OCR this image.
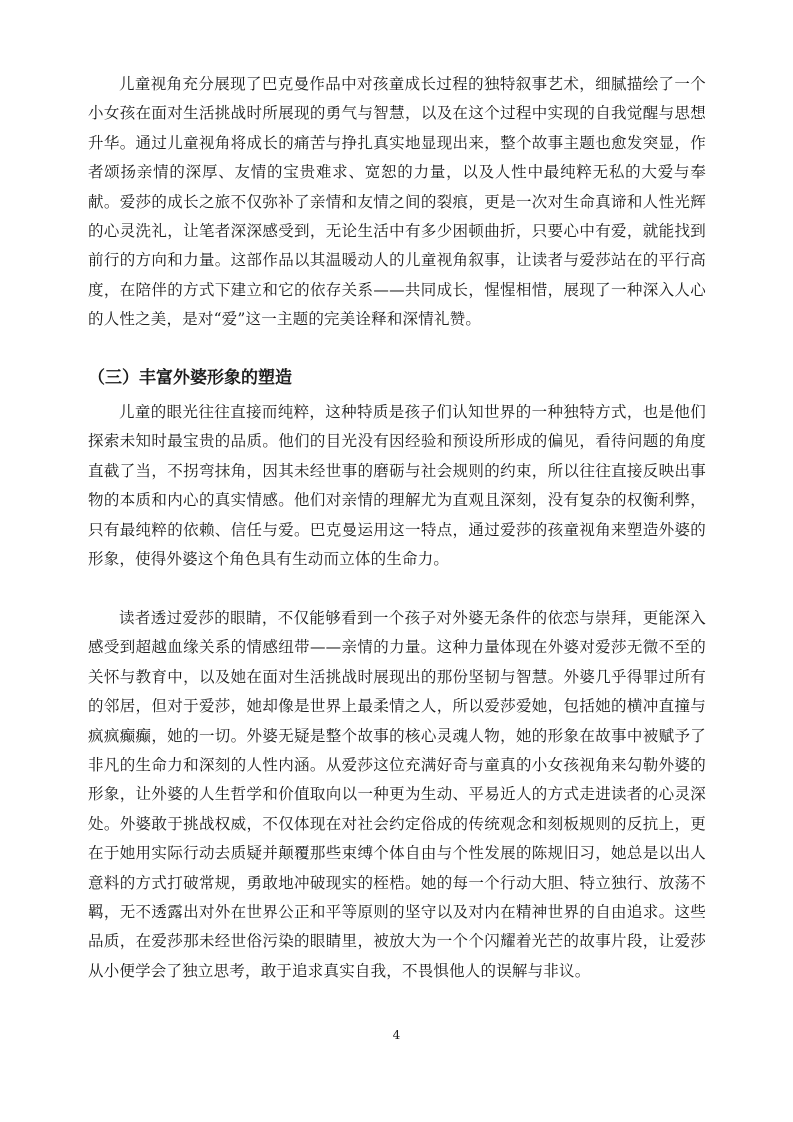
儿童视角充分展现了巴克曼作品中对孩童成长过程的独特叙事艺术，细腻描绘了一个小女孩在面对生活挑战时所展现的勇气与智慧，以及在这个过程中实现的自我觉醒与思想升华。通过儿童视角将成长的痛苦与挣扎真实地显现出来，整个故事主题也愈发突显，作者颂扬亲情的深厚、友情的宝贵难求、宽恕的力量，以及人性中最纯粹无私的大爱与奉献。爱莎的成长之旅不仅弥补了亲情和友情之间的裂痕，更是一次对生命真谛和人性光辉的心灵洗礼，让笔者深深感受到，无论生活中有多少困顿曲折，只要心中有爱，就能找到前行的方向和力量。这部作品以其温暖动人的儿童视角叙事，让读者与爱莎站在的平行高度，在陪伴的方式下建立和它的依存关系——共同成长，惺惺相惜，展现了一种深入人心的人性之美，是对“爱”这一主题的完美诠释和深情礼赞。

（三）丰富外婆形象的塑造

儿童的眼光往往直接而纯粹，这种特质是孩子们认知世界的一种独特方式，也是他们探索未知时最宝贵的品质。他们的目光没有因经验和预设所形成的偏见，看待问题的角度直截了当，不拐弯抹角，因其未经世事的磨砺与社会规则的约束，所以往往直接反映出事物的本质和内心的真实情感。他们对亲情的理解尤为直观且深刻，没有复杂的权衡利弊，只有最纯粹的依赖、信任与爱。巴克曼运用这一特点，通过爱莎的孩童视角来塑造外婆的形象，使得外婆这个角色具有生动而立体的生命力。

读者透过爱莎的眼睛，不仅能够看到一个孩子对外婆无条件的依恋与崇拜，更能深入感受到超越血缘关系的情感纽带——亲情的力量。这种力量体现在外婆对爱莎无微不至的关怀与教育中，以及她在面对生活挑战时展现出的那份坚韧与智慧。外婆几乎得罪过所有的邻居，但对于爱莎，她却像是世界上最柔情之人，所以爱莎爱她，包括她的横冲直撞与疯疯癫癫，她的一切。外婆无疑是整个故事的核心灵魂人物，她的形象在故事中被赋予了非凡的生命力和深刻的人性内涵。从爱莎这位充满好奇与童真的小女孩视角来勾勒外婆的形象，让外婆的人生哲学和价值取向以一种更为生动、平易近人的方式走进读者的心灵深处。外婆敢于挑战权威，不仅体现在对社会约定俗成的传统观念和刻板规则的反抗上，更在于她用实际行动去质疑并颠覆那些束缚个体自由与个性发展的陈规旧习，她总是以出人意料的方式打破常规，勇敢地冲破现实的桎梏。她的每一个行动大胆、特立独行、放荡不羁，无不透露出对外在世界公正和平等原则的坚守以及对内在精神世界的自由追求。这些品质，在爱莎那未经世俗污染的眼睛里，被放大为一个个闪耀着光芒的故事片段，让爱莎从小便学会了独立思考，敢于追求真实自我，不畏惧他人的误解与非议。

4
